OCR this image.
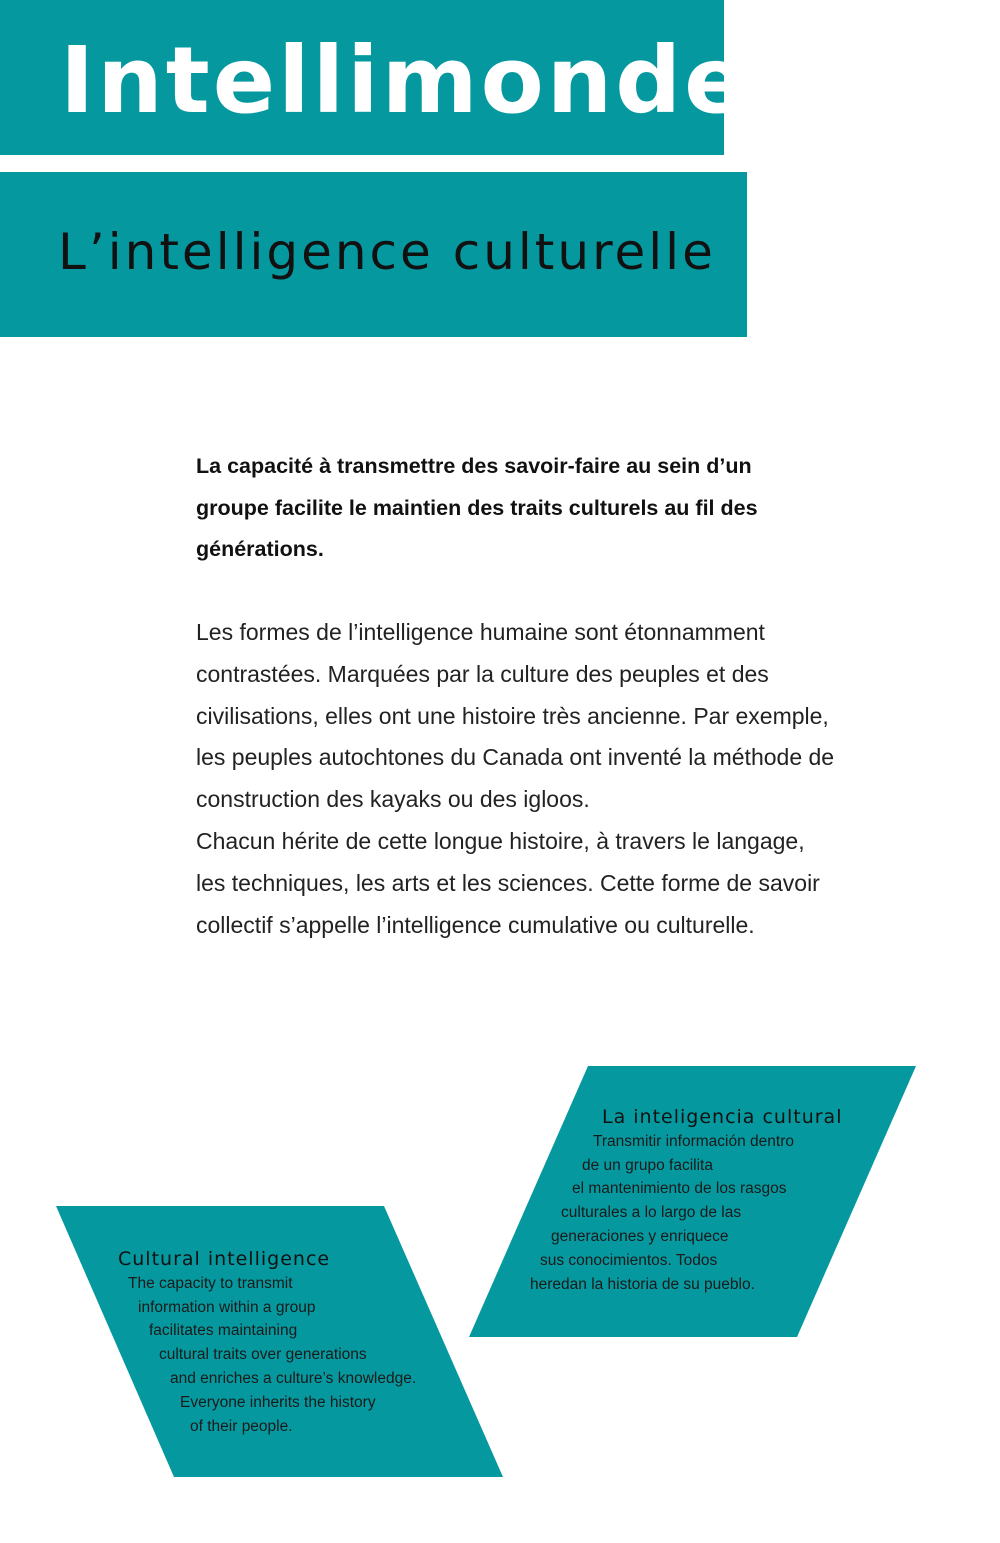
Intellimonde
L’intelligence culturelle

La capacité à transmettre des savoir-faire au sein d’un groupe facilite le maintien des traits culturels au fil des générations.

Les formes de l’intelligence humaine sont étonnamment contrastées. Marquées par la culture des peuples et des civilisations, elles ont une histoire très ancienne. Par exemple, les peuples autochtones du Canada ont inventé la méthode de construction des kayaks ou des igloos.

Chacun hérite de cette longue histoire, à travers le langage, les techniques, les arts et les sciences. Cette forme de savoir collectif s’appelle l’intelligence cumulative ou culturelle.

La inteligencia cultural
Transmitir información dentro
de un grupo facilita
el mantenimiento de los rasgos
culturales a lo largo de las
generaciones y enriquece
sus conocimientos. Todos
heredan la historia de su pueblo.
Cultural intelligence
The capacity to transmit
information within a group
facilitates maintaining
cultural traits over generations
and enriches a culture’s knowledge.
Everyone inherits the history
of their people.
